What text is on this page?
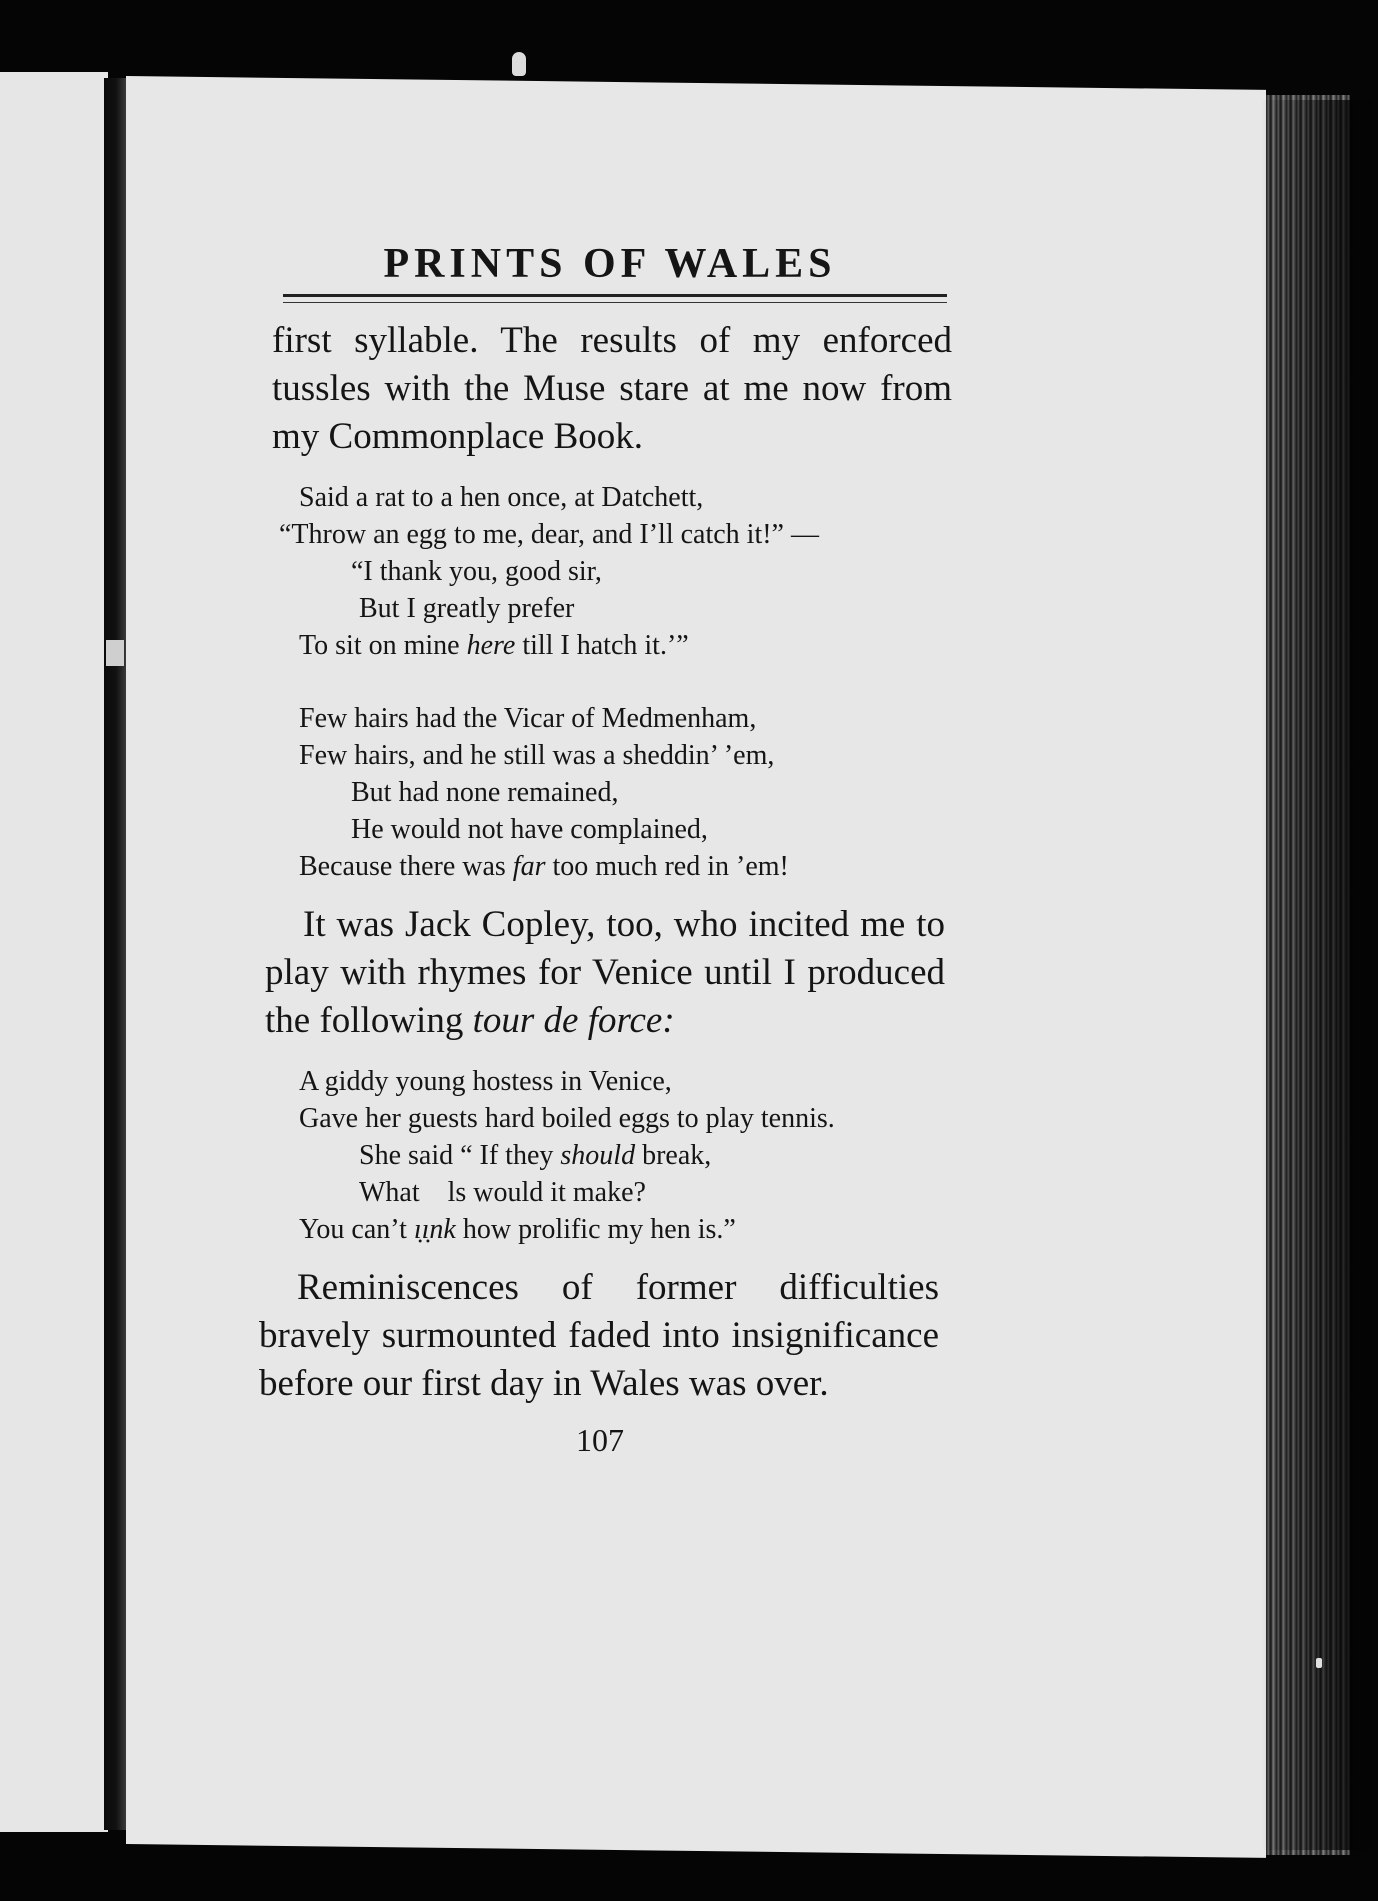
PRINTS OF WALES
first syllable. The results of my enforced tussles with the Muse stare at me now from my Commonplace Book.
Said a rat to a hen once, at Datchett,
“Throw an egg to me, dear, and I’ll catch it!” —
“I thank you, good sir,
But I greatly prefer
To sit on mine here till I hatch it.’”
Few hairs had the Vicar of Medmenham,
Few hairs, and he still was a sheddin’ ’em,
But had none remained,
He would not have complained,
Because there was far too much red in ’em!
It was Jack Copley, too, who incited me to play with rhymes for Venice until I produced the following tour de force:
A giddy young hostess in Venice,
Gave her guests hard boiled eggs to play tennis.
She said “ If they should break,
What    ls would it make?
You can’t ı̣ı̣nk how prolific my hen is.”
Reminiscences of former difficulties bravely surmounted faded into insignificance before our first day in Wales was over.
107
